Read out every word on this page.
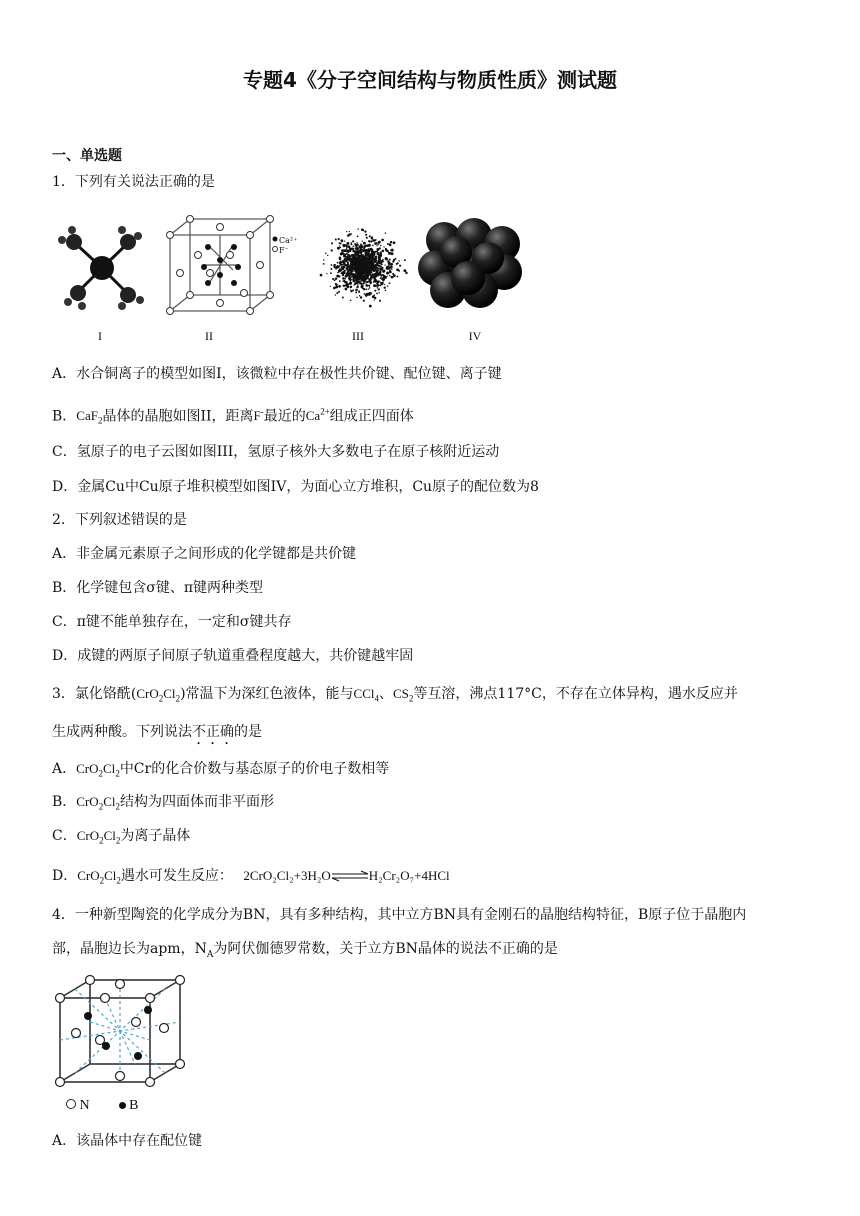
专题4《分子空间结构与物质性质》测试题
一、单选题
1．下列有关说法正确的是
Ca²⁺
F⁻
I	II	III	IV
A．水合铜离子的模型如图I，该微粒中存在极性共价键、配位键、离子键
B．CaF$_2$晶体的晶胞如图II，距离F-最近的$Ca^{2+}$组成正四面体
C．氢原子的电子云图如图III，氢原子核外大多数电子在原子核附近运动
D．金属Cu中Cu原子堆积模型如图IV，为面心立方堆积，Cu原子的配位数为8
2．下列叙述错误的是
A．非金属元素原子之间形成的化学键都是共价键
B．化学键包含σ键、π键两种类型
C．π键不能单独存在，一定和σ键共存
D．成键的两原子间原子轨道重叠程度越大，共价键越牢固
3．氯化铬酰$(CrO_2Cl_2)$常温下为深红色液体，能与CCl$_4$、$CS_2$等互溶，沸点117°C，不存在立体异构，遇水反应并
生成两种酸。下列说法不正确的是
A．$CrO_2Cl_2$中Cr的化合价数与基态原子的价电子数相等
B．$CrO_2Cl_2$结构为四面体而非平面形
C．$CrO_2Cl_2$为离子晶体
D．$CrO_2Cl_2$遇水可发生反应： 2CrO₂Cl₂+3H₂O⇌H₂Cr₂O₇+4HCl
4．一种新型陶瓷的化学成分为BN，具有多种结构，其中立方BN具有金刚石的晶胞结构特征，B原子位于晶胞内
部，晶胞边长为apm，$N_A$为阿伏伽德罗常数，关于立方BN晶体的说法不正确的是
N	B
A．该晶体中存在配位键
